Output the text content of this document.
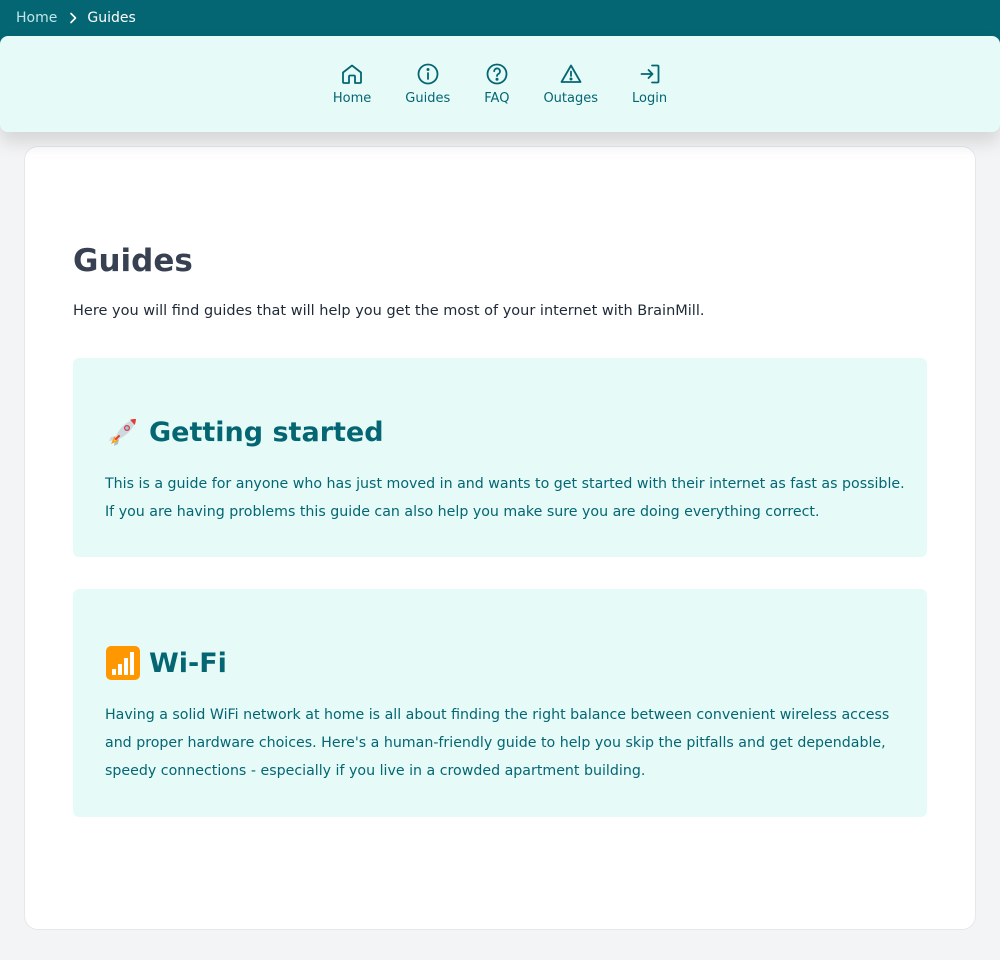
Home Guides
Home	Guides	FAQ	Outages	Login
Guides

Here you will find guides that will help you get the most of your internet with BrainMill.

Getting started

This is a guide for anyone who has just moved in and wants to get started with their internet as fast as possible. If you are having problems this guide can also help you make sure you are doing everything correct.

Wi-Fi

Having a solid WiFi network at home is all about finding the right balance between convenient wireless access and proper hardware choices. Here's a human-friendly guide to help you skip the pitfalls and get dependable, speedy connections - especially if you live in a crowded apartment building.
